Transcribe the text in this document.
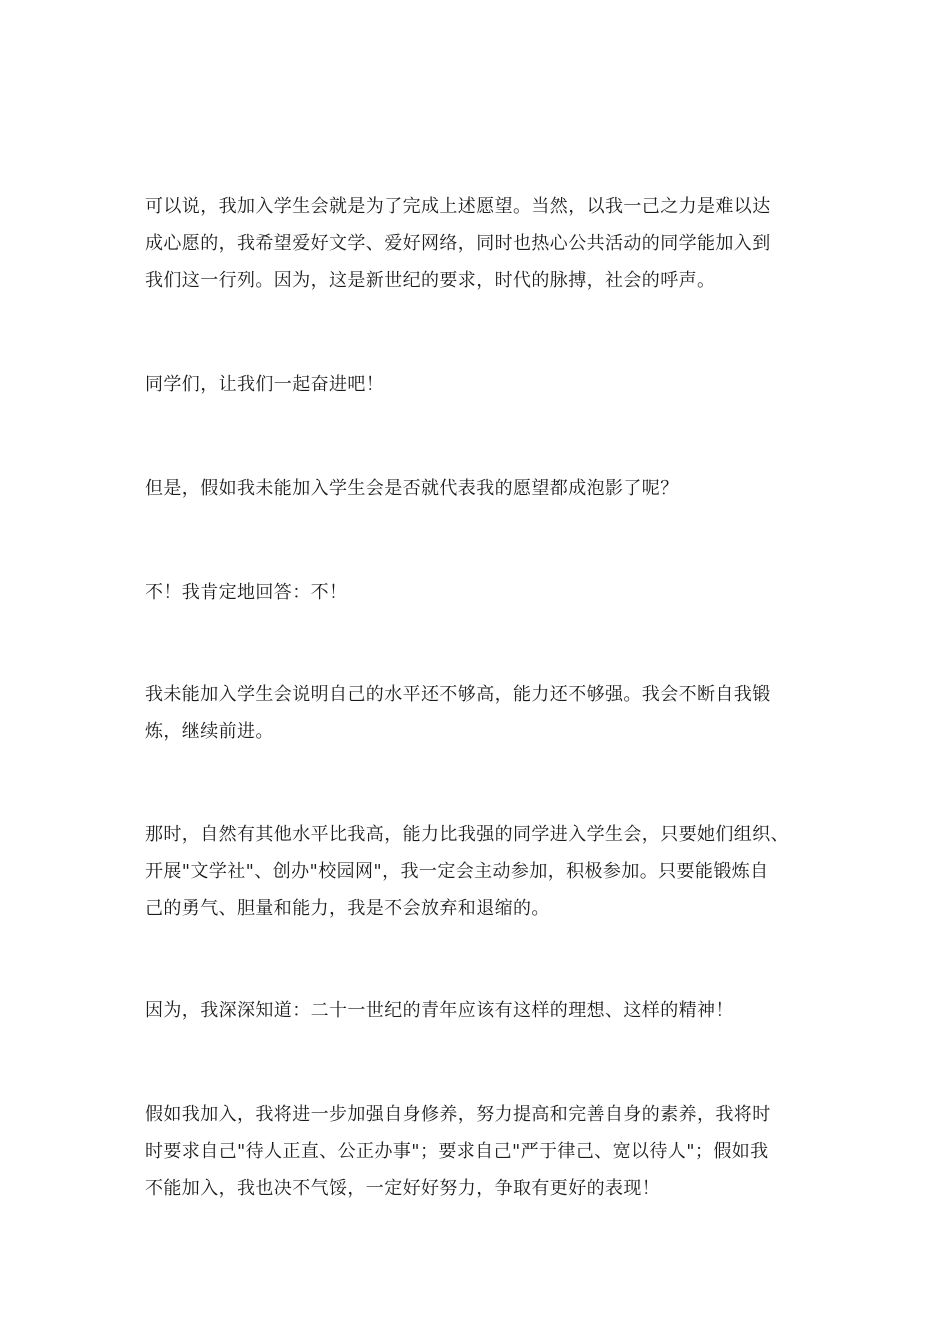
可以说，我加入学生会就是为了完成上述愿望。当然，以我一己之力是难以达
成心愿的，我希望爱好文学、爱好网络，同时也热心公共活动的同学能加入到
我们这一行列。因为，这是新世纪的要求，时代的脉搏，社会的呼声。

同学们，让我们一起奋进吧！

但是，假如我未能加入学生会是否就代表我的愿望都成泡影了呢？

不！我肯定地回答：不！

我未能加入学生会说明自己的水平还不够高，能力还不够强。我会不断自我锻
炼，继续前进。

那时，自然有其他水平比我高，能力比我强的同学进入学生会，只要她们组织、
开展"文学社"、创办"校园网"，我一定会主动参加，积极参加。只要能锻炼自
己的勇气、胆量和能力，我是不会放弃和退缩的。

因为，我深深知道：二十一世纪的青年应该有这样的理想、这样的精神！

假如我加入，我将进一步加强自身修养，努力提高和完善自身的素养，我将时
时要求自己"待人正直、公正办事"；要求自己"严于律己、宽以待人"；假如我
不能加入，我也决不气馁，一定好好努力，争取有更好的表现！
